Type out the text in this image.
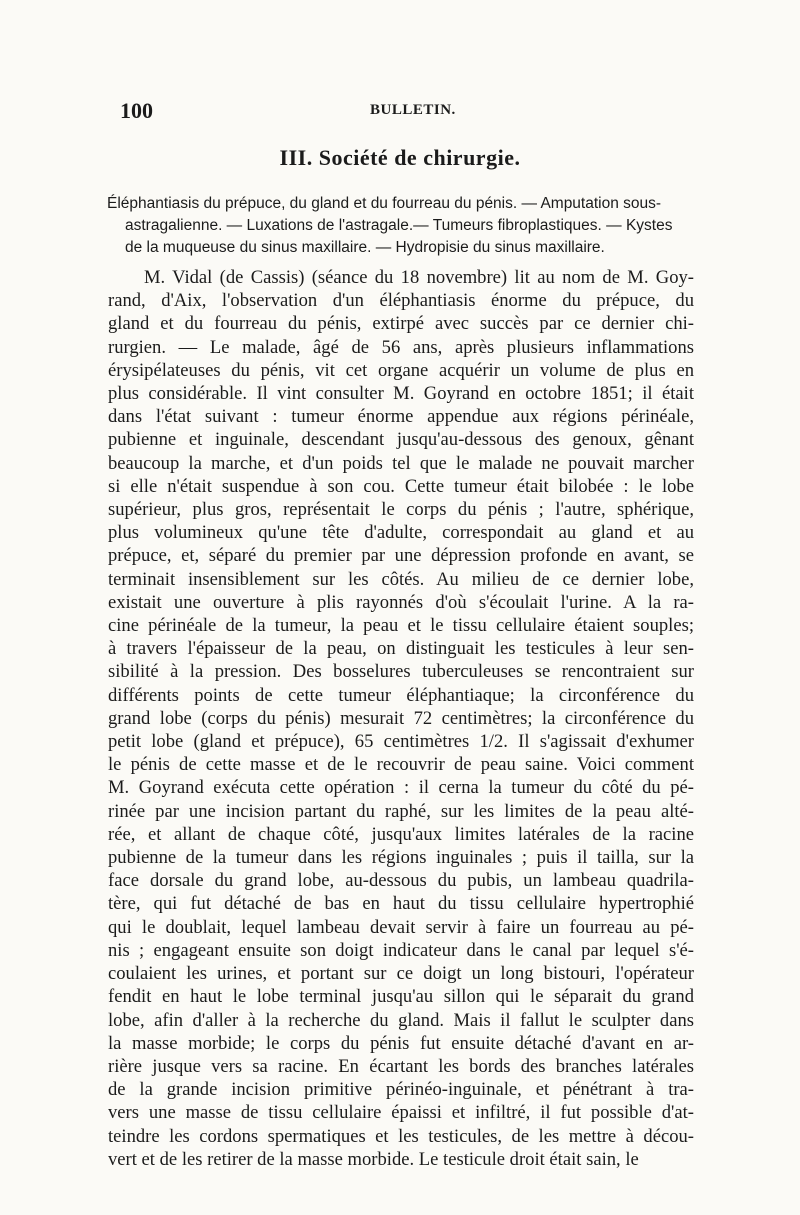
100	BULLETIN.
III. Société de chirurgie.
Éléphantiasis du prépuce, du gland et du fourreau du pénis. — Amputation sous-
astragalienne. — Luxations de l'astragale.— Tumeurs fibroplastiques. — Kystes
de la muqueuse du sinus maxillaire. — Hydropisie du sinus maxillaire.
M. Vidal (de Cassis) (séance du 18 novembre) lit au nom de M. Goy-
rand, d'Aix, l'observation d'un éléphantiasis énorme du prépuce, du
gland et du fourreau du pénis, extirpé avec succès par ce dernier chi-
rurgien. — Le malade, âgé de 56 ans, après plusieurs inflammations
érysipélateuses du pénis, vit cet organe acquérir un volume de plus en
plus considérable. Il vint consulter M. Goyrand en octobre 1851; il était
dans l'état suivant : tumeur énorme appendue aux régions périnéale,
pubienne et inguinale, descendant jusqu'au-dessous des genoux, gênant
beaucoup la marche, et d'un poids tel que le malade ne pouvait marcher
si elle n'était suspendue à son cou. Cette tumeur était bilobée : le lobe
supérieur, plus gros, représentait le corps du pénis ; l'autre, sphérique,
plus volumineux qu'une tête d'adulte, correspondait au gland et au
prépuce, et, séparé du premier par une dépression profonde en avant, se
terminait insensiblement sur les côtés. Au milieu de ce dernier lobe,
existait une ouverture à plis rayonnés d'où s'écoulait l'urine. A la ra-
cine périnéale de la tumeur, la peau et le tissu cellulaire étaient souples;
à travers l'épaisseur de la peau, on distinguait les testicules à leur sen-
sibilité à la pression. Des bosselures tuberculeuses se rencontraient sur
différents points de cette tumeur éléphantiaque; la circonférence du
grand lobe (corps du pénis) mesurait 72 centimètres; la circonférence du
petit lobe (gland et prépuce), 65 centimètres 1/2. Il s'agissait d'exhumer
le pénis de cette masse et de le recouvrir de peau saine. Voici comment
M. Goyrand exécuta cette opération : il cerna la tumeur du côté du pé-
rinée par une incision partant du raphé, sur les limites de la peau alté-
rée, et allant de chaque côté, jusqu'aux limites latérales de la racine
pubienne de la tumeur dans les régions inguinales ; puis il tailla, sur la
face dorsale du grand lobe, au-dessous du pubis, un lambeau quadrila-
tère, qui fut détaché de bas en haut du tissu cellulaire hypertrophié
qui le doublait, lequel lambeau devait servir à faire un fourreau au pé-
nis ; engageant ensuite son doigt indicateur dans le canal par lequel s'é-
coulaient les urines, et portant sur ce doigt un long bistouri, l'opérateur
fendit en haut le lobe terminal jusqu'au sillon qui le séparait du grand
lobe, afin d'aller à la recherche du gland. Mais il fallut le sculpter dans
la masse morbide; le corps du pénis fut ensuite détaché d'avant en ar-
rière jusque vers sa racine. En écartant les bords des branches latérales
de la grande incision primitive périnéo-inguinale, et pénétrant à tra-
vers une masse de tissu cellulaire épaissi et infiltré, il fut possible d'at-
teindre les cordons spermatiques et les testicules, de les mettre à décou-
vert et de les retirer de la masse morbide. Le testicule droit était sain, le
